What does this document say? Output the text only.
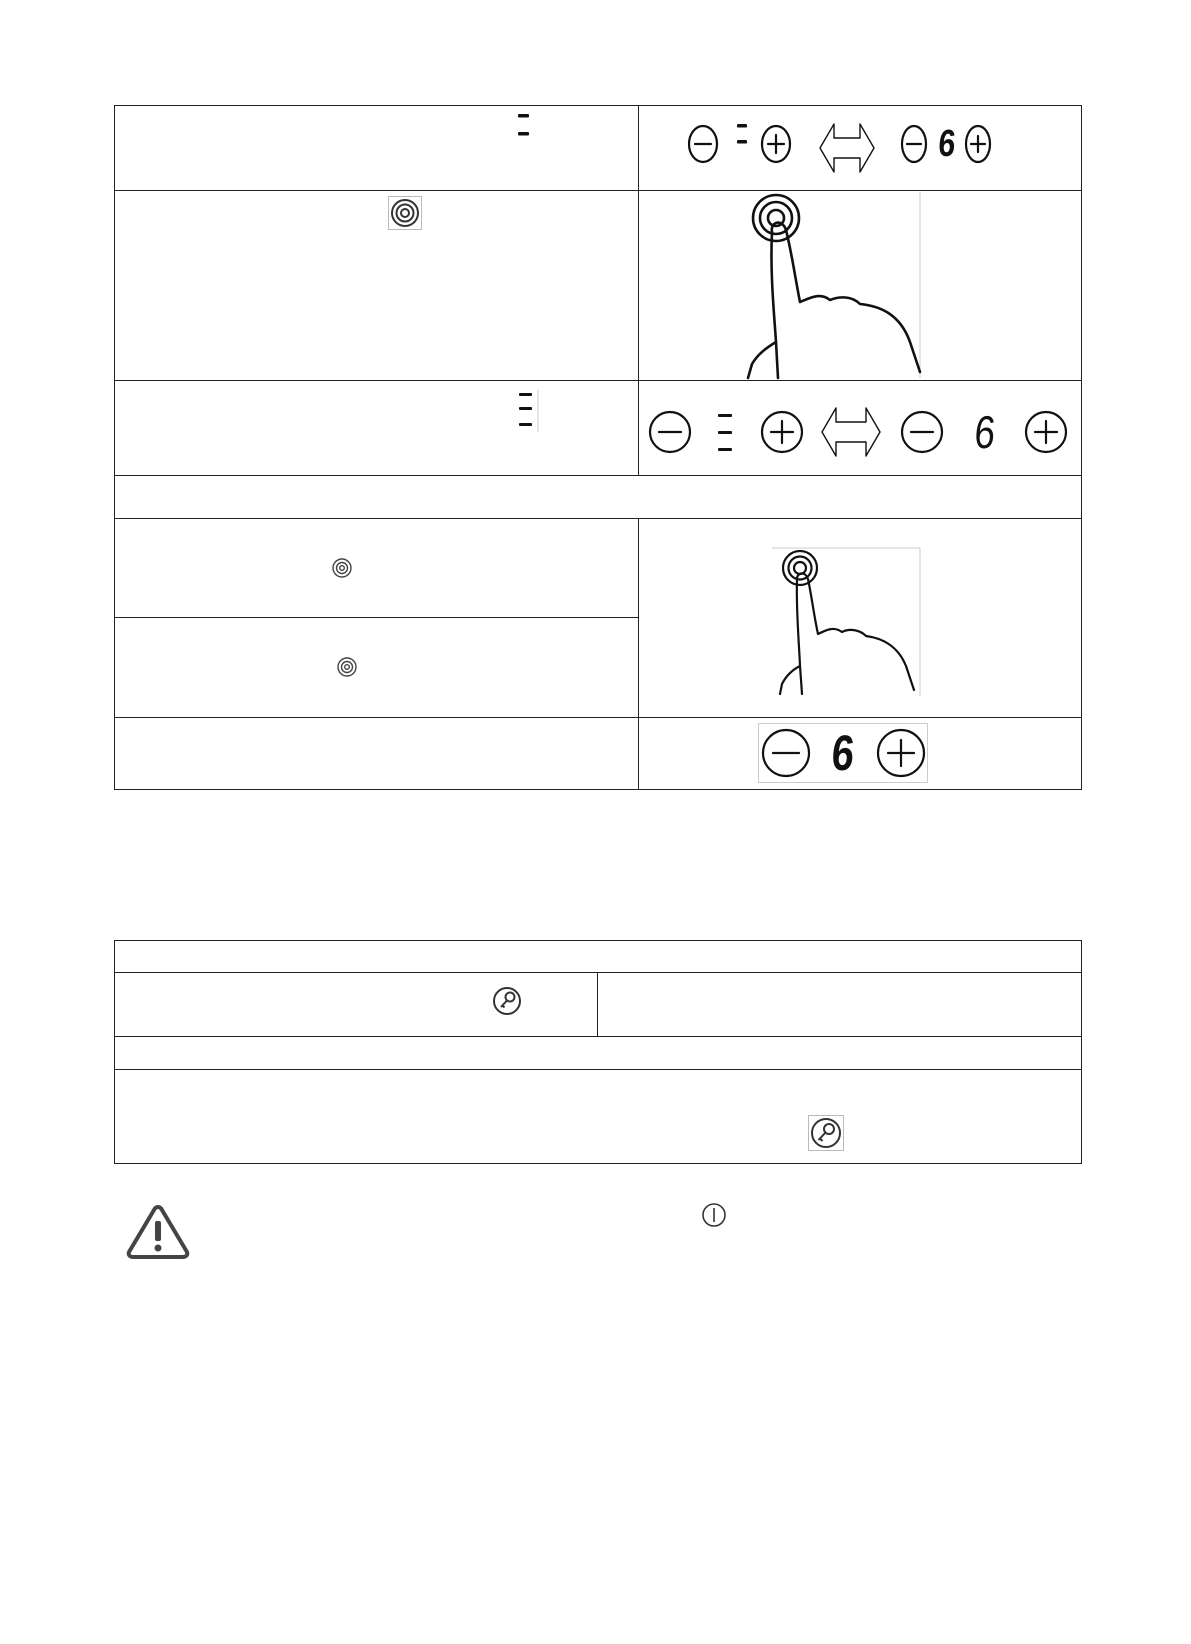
6
6
6
